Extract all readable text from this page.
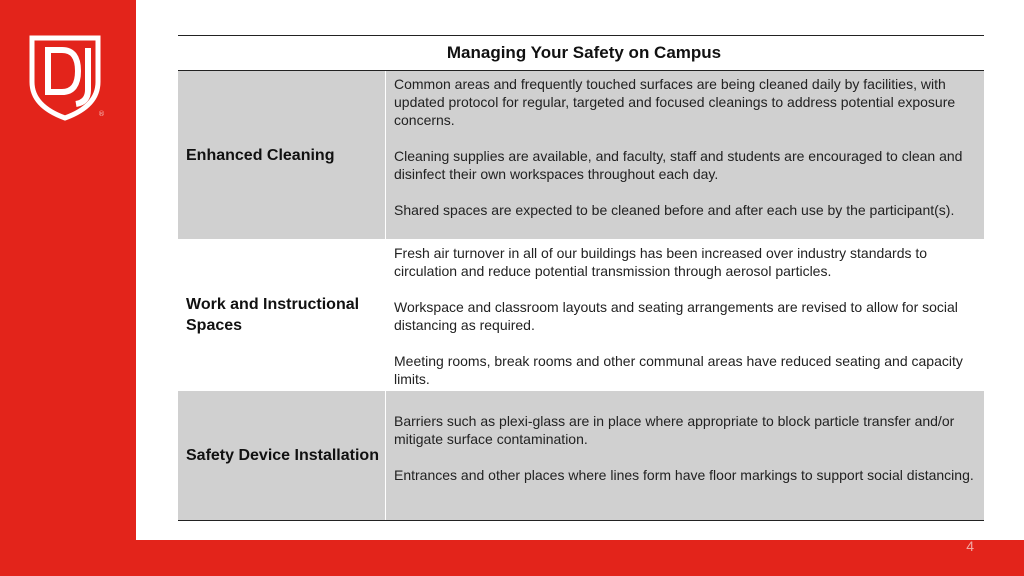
®
4
Managing Your Safety on Campus
Enhanced Cleaning

Common areas and frequently touched surfaces are being cleaned daily by facilities, with updated protocol for regular, targeted and focused cleanings to address potential exposure concerns.

Cleaning supplies are available, and faculty, staff and students are encouraged to clean and disinfect their own workspaces throughout each day.

Shared spaces are expected to be cleaned before and after each use by the participant(s).

Work and Instructional Spaces

Fresh air turnover in all of our buildings has been increased over industry standards to circulation and reduce potential transmission through aerosol particles.

Workspace and classroom layouts and seating arrangements are revised to allow for social distancing as required.

Meeting rooms, break rooms and other communal areas have reduced seating and capacity limits.

Safety Device Installation

Barriers such as plexi-glass are in place where appropriate to block particle transfer and/or mitigate surface contamination.

Entrances and other places where lines form have floor markings to support social distancing.
